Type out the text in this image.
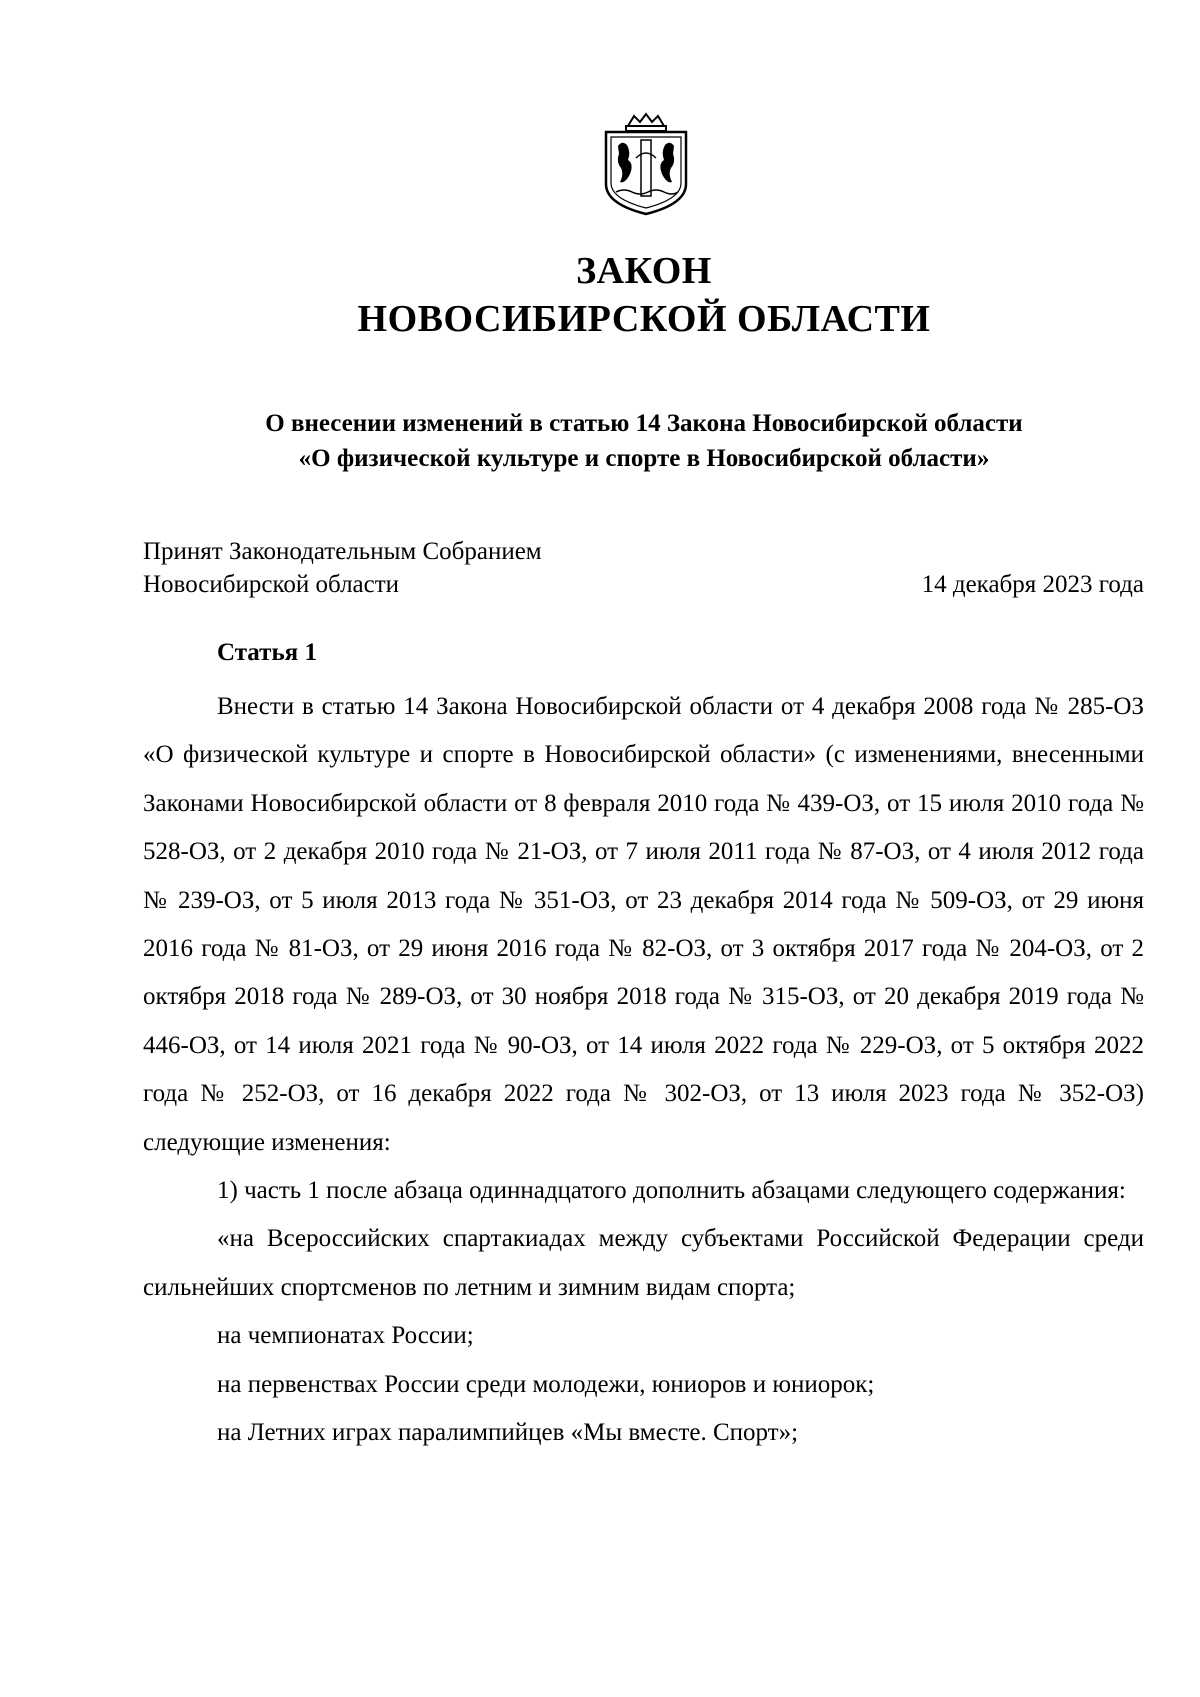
ЗАКОН
НОВОСИБИРСКОЙ ОБЛАСТИ
О внесении изменений в статью 14 Закона Новосибирской области
«О физической культуре и спорте в Новосибирской области»
Принят Законодательным Собранием
Новосибирской области	14 декабря 2023 года
Статья 1

Внести в статью 14 Закона Новосибирской области от 4 декабря 2008 года № 285-ОЗ «О физической культуре и спорте в Новосибирской области» (с изменениями, внесенными Законами Новосибирской области от 8 февраля 2010 года № 439-ОЗ, от 15 июля 2010 года № 528-ОЗ, от 2 декабря 2010 года № 21-ОЗ, от 7 июля 2011 года № 87-ОЗ, от 4 июля 2012 года № 239-ОЗ, от 5 июля 2013 года № 351-ОЗ, от 23 декабря 2014 года № 509-ОЗ, от 29 июня 2016 года № 81-ОЗ, от 29 июня 2016 года № 82-ОЗ, от 3 октября 2017 года № 204-ОЗ, от 2 октября 2018 года № 289-ОЗ, от 30 ноября 2018 года № 315-ОЗ, от 20 декабря 2019 года № 446-ОЗ, от 14 июля 2021 года № 90-ОЗ, от 14 июля 2022 года № 229-ОЗ, от 5 октября 2022 года № 252-ОЗ, от 16 декабря 2022 года № 302-ОЗ, от 13 июля 2023 года № 352-ОЗ) следующие изменения:

1) часть 1 после абзаца одиннадцатого дополнить абзацами следующего содержания:

«на Всероссийских спартакиадах между субъектами Российской Федерации среди сильнейших спортсменов по летним и зимним видам спорта;

на чемпионатах России;

на первенствах России среди молодежи, юниоров и юниорок;

на Летних играх паралимпийцев «Мы вместе. Спорт»;
